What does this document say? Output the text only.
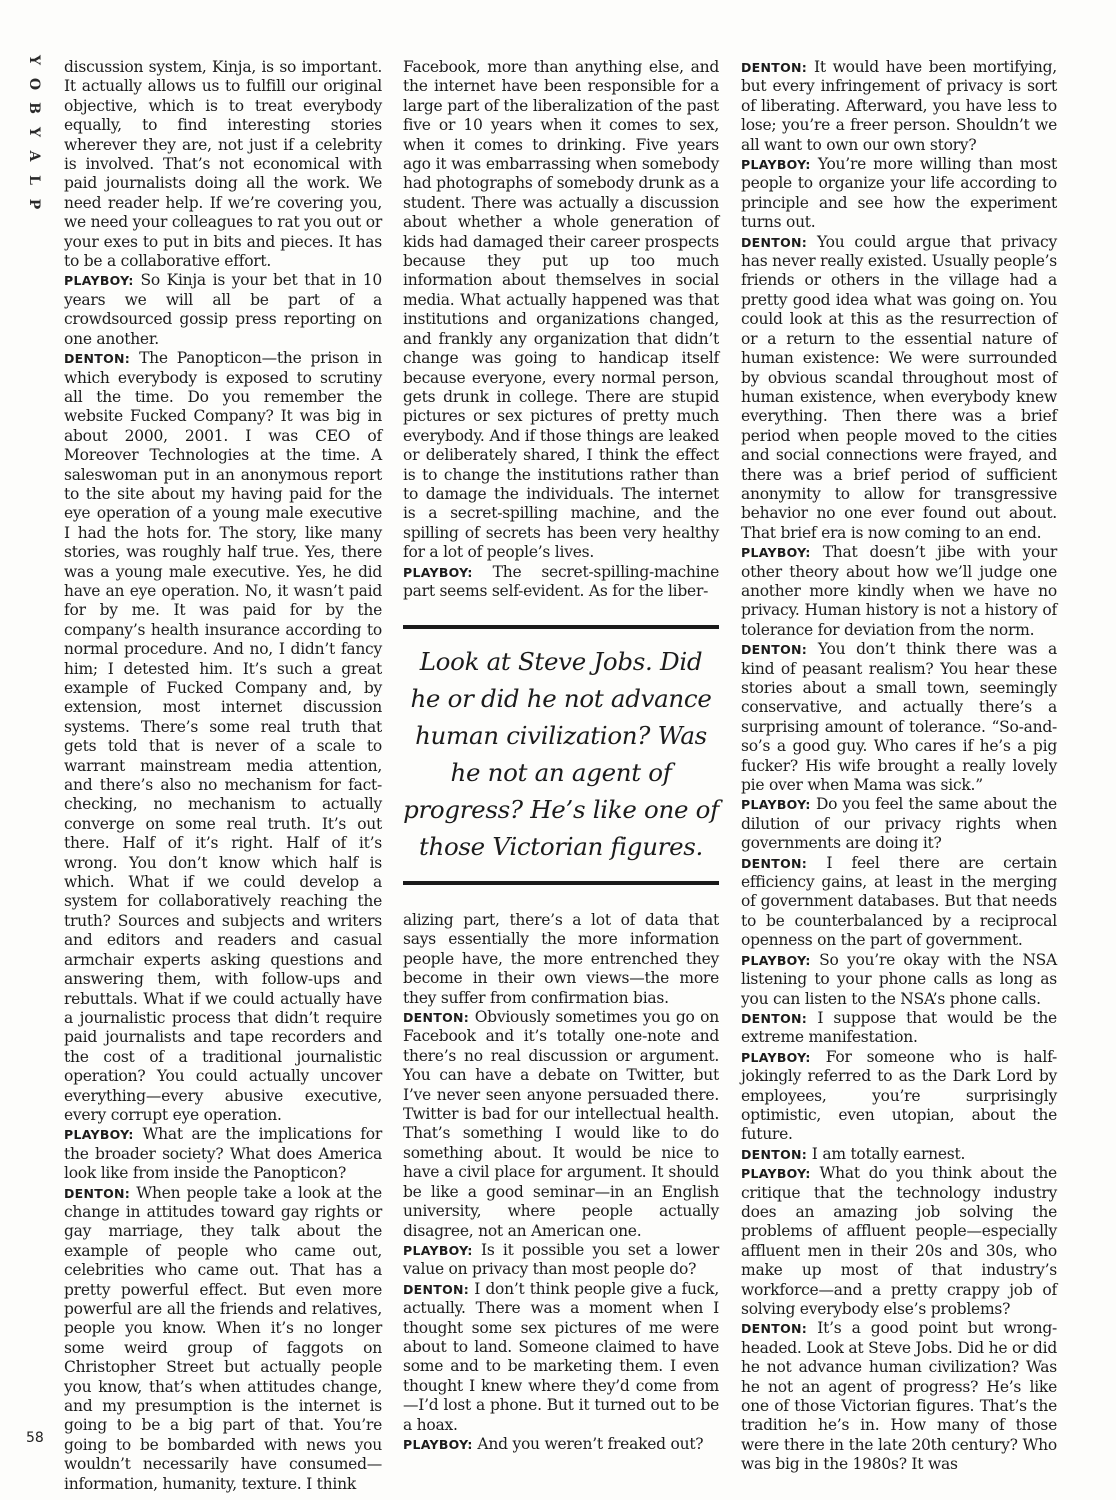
Y
O
B
Y
A
L
P
58

discussion system, Kinja, is so important. It actually allows us to fulfill our original objective, which is to treat everybody equally, to find interesting stories wherever they are, not just if a celebrity is involved. That’s not economical with paid journalists doing all the work. We need reader help. If we’re covering you, we need your colleagues to rat you out or your exes to put in bits and pieces. It has to be a collaborative effort.

PLAYBOY: So Kinja is your bet that in 10 years we will all be part of a crowdsourced gossip press reporting on one another.

DENTON: The Panopticon—the prison in which everybody is exposed to scrutiny all the time. Do you remember the website Fucked Company? It was big in about 2000, 2001. I was CEO of Moreover Technologies at the time. A saleswoman put in an anonymous report to the site about my having paid for the eye operation of a young male executive I had the hots for. The story, like many stories, was roughly half true. Yes, there was a young male executive. Yes, he did have an eye operation. No, it wasn’t paid for by me. It was paid for by the company’s health insurance according to normal procedure. And no, I didn’t fancy him; I detested him. It’s such a great example of Fucked Company and, by extension, most internet discussion systems. There’s some real truth that gets told that is never of a scale to warrant mainstream media attention, and there’s also no mechanism for fact-checking, no mechanism to actually converge on some real truth. It’s out there. Half of it’s right. Half of it’s wrong. You don’t know which half is which. What if we could develop a system for collaboratively reaching the truth? Sources and subjects and writers and editors and readers and casual armchair experts asking questions and answering them, with follow-ups and rebuttals. What if we could actually have a journalistic process that didn’t require paid journalists and tape recorders and the cost of a traditional journalistic operation? You could actually uncover everything—every abusive executive, every corrupt eye operation.

PLAYBOY: What are the implications for the broader society? What does America look like from inside the Panopticon?

DENTON: When people take a look at the change in attitudes toward gay rights or gay marriage, they talk about the example of people who came out, celebrities who came out. That has a pretty powerful effect. But even more powerful are all the friends and relatives, people you know. When it’s no longer some weird group of faggots on Christopher Street but actually people you know, that’s when attitudes change, and my presumption is the internet is going to be a big part of that. You’re going to be bombarded with news you wouldn’t necessarily have consumed—information, humanity, texture. I think

Facebook, more than anything else, and the internet have been responsible for a large part of the liberalization of the past five or 10 years when it comes to sex, when it comes to drinking. Five years ago it was embarrassing when somebody had photographs of somebody drunk as a student. There was actually a discussion about whether a whole generation of kids had damaged their career prospects because they put up too much information about themselves in social media. What actually happened was that institutions and organizations changed, and frankly any organization that didn’t change was going to handicap itself because everyone, every normal person, gets drunk in college. There are stupid pictures or sex pictures of pretty much everybody. And if those things are leaked or deliberately shared, I think the effect is to change the institutions rather than to damage the individuals. The internet is a secret-spilling machine, and the spilling of secrets has been very healthy for a lot of people’s lives.

PLAYBOY: The secret-spilling-machine part seems self-evident. As for the liber-

Look at Steve Jobs. Did he or did he not advance human civilization? Was he not an agent of progress? He’s like one of those Victorian figures.

alizing part, there’s a lot of data that says essentially the more information people have, the more entrenched they become in their own views—the more they suffer from confirmation bias.

DENTON: Obviously sometimes you go on Facebook and it’s totally one-note and there’s no real discussion or argument. You can have a debate on Twitter, but I’ve never seen anyone persuaded there. Twitter is bad for our intellectual health. That’s something I would like to do something about. It would be nice to have a civil place for argument. It should be like a good seminar—in an English university, where people actually disagree, not an American one.

PLAYBOY: Is it possible you set a lower value on privacy than most people do?

DENTON: I don’t think people give a fuck, actually. There was a moment when I thought some sex pictures of me were about to land. Someone claimed to have some and to be marketing them. I even thought I knew where they’d come from—I’d lost a phone. But it turned out to be a hoax.

PLAYBOY: And you weren’t freaked out?

DENTON: It would have been mortifying, but every infringement of privacy is sort of liberating. Afterward, you have less to lose; you’re a freer person. Shouldn’t we all want to own our own story?

PLAYBOY: You’re more willing than most people to organize your life according to principle and see how the experiment turns out.

DENTON: You could argue that privacy has never really existed. Usually people’s friends or others in the village had a pretty good idea what was going on. You could look at this as the resurrection of or a return to the essential nature of human existence: We were surrounded by obvious scandal throughout most of human existence, when everybody knew everything. Then there was a brief period when people moved to the cities and social connections were frayed, and there was a brief period of sufficient anonymity to allow for transgressive behavior no one ever found out about. That brief era is now coming to an end.

PLAYBOY: That doesn’t jibe with your other theory about how we’ll judge one another more kindly when we have no privacy. Human history is not a history of tolerance for deviation from the norm.

DENTON: You don’t think there was a kind of peasant realism? You hear these stories about a small town, seemingly conservative, and actually there’s a surprising amount of tolerance. “So-and-so’s a good guy. Who cares if he’s a pig fucker? His wife brought a really lovely pie over when Mama was sick.”

PLAYBOY: Do you feel the same about the dilution of our privacy rights when governments are doing it?

DENTON: I feel there are certain efficiency gains, at least in the merging of government databases. But that needs to be counterbalanced by a reciprocal openness on the part of government.

PLAYBOY: So you’re okay with the NSA listening to your phone calls as long as you can listen to the NSA’s phone calls.

DENTON: I suppose that would be the extreme manifestation.

PLAYBOY: For someone who is half-jokingly referred to as the Dark Lord by employees, you’re surprisingly optimistic, even utopian, about the future.

DENTON: I am totally earnest.

PLAYBOY: What do you think about the critique that the technology industry does an amazing job solving the problems of affluent people—especially affluent men in their 20s and 30s, who make up most of that industry’s workforce—and a pretty crappy job of solving everybody else’s problems?

DENTON: It’s a good point but wrong-headed. Look at Steve Jobs. Did he or did he not advance human civilization? Was he not an agent of progress? He’s like one of those Victorian figures. That’s the tradition he’s in. How many of those were there in the late 20th century? Who was big in the 1980s? It was
